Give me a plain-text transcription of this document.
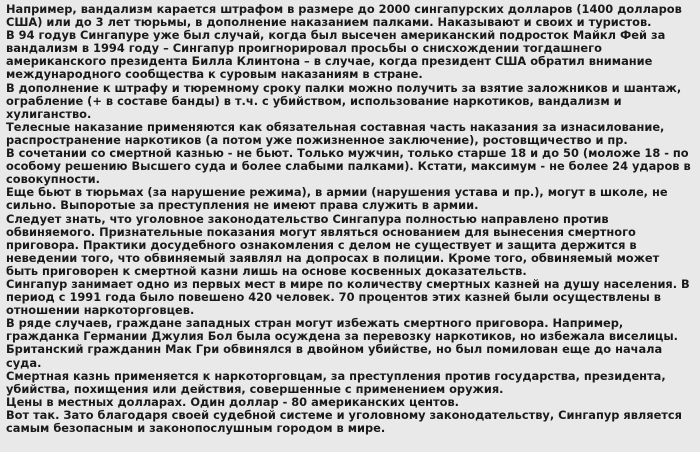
Например, вандализм карается штрафом в размере до 2000 сингапурских долларов (1400 долларов США) или до 3 лет тюрьмы, в дополнение наказанием палками. Наказывают и своих и туристов.

В 94 годув Сингапуре уже был случай, когда был высечен американский подросток Майкл Фей за вандализм в 1994 году – Сингапур проигнорировал просьбы о снисхождении тогдашнего американского президента Билла Клинтона – в случае, когда президент США обратил внимание международного сообщества к суровым наказаниям в стране.

В дополнение к штрафу и тюремному сроку палки можно получить за взятие заложников и шантаж, ограбление (+ в составе банды) в т.ч. с убийством, использование наркотиков, вандализм и хулиганство.

Телесные наказание применяются как обязательная составная часть наказания за изнасилование, распространение наркотиков (а потом уже пожизненное заключение), ростовщичество и пр.

В сочетании со смертной казнью - не бьют. Только мужчин, только старше 18 и до 50 (моложе 18 - по особому решению Высшего суда и более слабыми палками). Кстати, максимум - не более 24 ударов в совокупности.

Еще бьют в тюрьмах (за нарушение режима), в армии (нарушения устава и пр.), могут в школе, не сильно. Выпоротые за преступления не имеют права служить в армии.

Следует знать, что уголовное законодательство Сингапура полностью направлено против обвиняемого. Признательные показания могут являться основанием для вынесения смертного приговора. Практики досудебного ознакомления с делом не существует и защита держится в неведении того, что обвиняемый заявлял на допросах в полиции. Кроме того, обвиняемый может быть приговорен к смертной казни лишь на основе косвенных доказательств.

Сингапур занимает одно из первых мест в мире по количеству смертных казней на душу населения. В период с 1991 года было повешено 420 человек. 70 процентов этих казней были осуществлены в отношении наркоторговцев.

В ряде случаев, граждане западных стран могут избежать смертного приговора. Например, гражданка Германии Джулия Бол была осуждена за перевозку наркотиков, но избежала виселицы. Британский гражданин Мак Гри обвинялся в двойном убийстве, но был помилован еще до начала суда.

Смертная казнь применяется к наркоторговцам, за преступления против государства, президента, убийства, похищения или действия, совершенные с применением оружия.

Цены в местных долларах. Один доллар - 80 американских центов.

Вот так. Зато благодаря своей судебной системе и уголовному законодательству, Сингапур является самым безопасным и законопослушным городом в мире.
